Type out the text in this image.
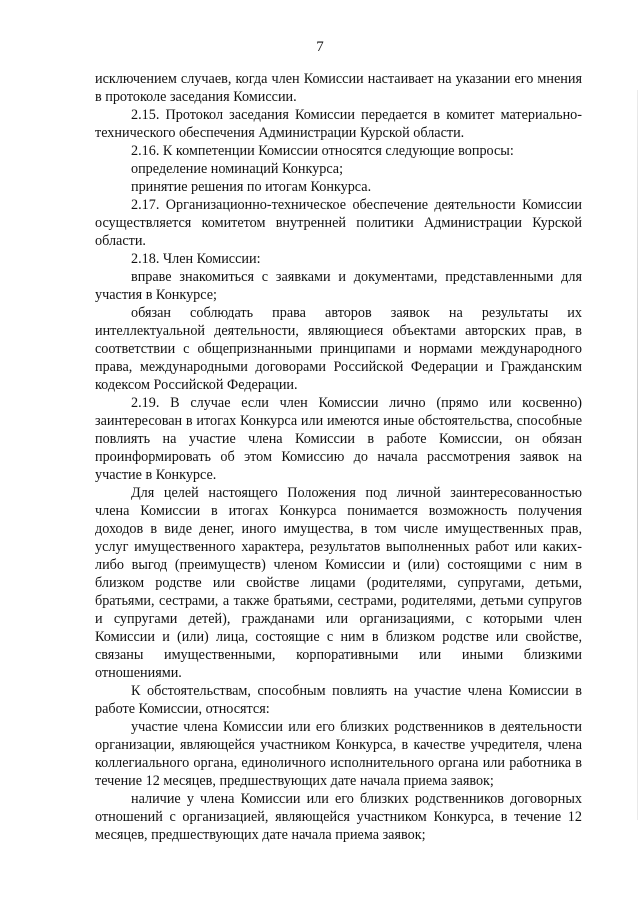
7

исключением случаев, когда член Комиссии настаивает на указании его мнения в протоколе заседания Комиссии.

2.15. Протокол заседания Комиссии передается в комитет материально-технического обеспечения Администрации Курской области.

2.16. К компетенции Комиссии относятся следующие вопросы:

определение номинаций Конкурса;

принятие решения по итогам Конкурса.

2.17. Организационно-техническое обеспечение деятельности Комиссии осуществляется комитетом внутренней политики Администрации Курской области.

2.18. Член Комиссии:

вправе знакомиться с заявками и документами, представленными для участия в Конкурсе;

обязан соблюдать права авторов заявок на результаты их интеллектуальной деятельности, являющиеся объектами авторских прав, в соответствии с общепризнанными принципами и нормами международного права, международными договорами Российской Федерации и Гражданским кодексом Российской Федерации.

2.19. В случае если член Комиссии лично (прямо или косвенно) заинтересован в итогах Конкурса или имеются иные обстоятельства, способные повлиять на участие члена Комиссии в работе Комиссии, он обязан проинформировать об этом Комиссию до начала рассмотрения заявок на участие в Конкурсе.

Для целей настоящего Положения под личной заинтересованностью члена Комиссии в итогах Конкурса понимается возможность получения доходов в виде денег, иного имущества, в том числе имущественных прав, услуг имущественного характера, результатов выполненных работ или каких-либо выгод (преимуществ) членом Комиссии и (или) состоящими с ним в близком родстве или свойстве лицами (родителями, супругами, детьми, братьями, сестрами, а также братьями, сестрами, родителями, детьми супругов и супругами детей), гражданами или организациями, с которыми член Комиссии и (или) лица, состоящие с ним в близком родстве или свойстве, связаны имущественными, корпоративными или иными близкими отношениями.

К обстоятельствам, способным повлиять на участие члена Комиссии в работе Комиссии, относятся:

участие члена Комиссии или его близких родственников в деятельности организации, являющейся участником Конкурса, в качестве учредителя, члена коллегиального органа, единоличного исполнительного органа или работника в течение 12 месяцев, предшествующих дате начала приема заявок;

наличие у члена Комиссии или его близких родственников договорных отношений с организацией, являющейся участником Конкурса, в течение 12 месяцев, предшествующих дате начала приема заявок;
